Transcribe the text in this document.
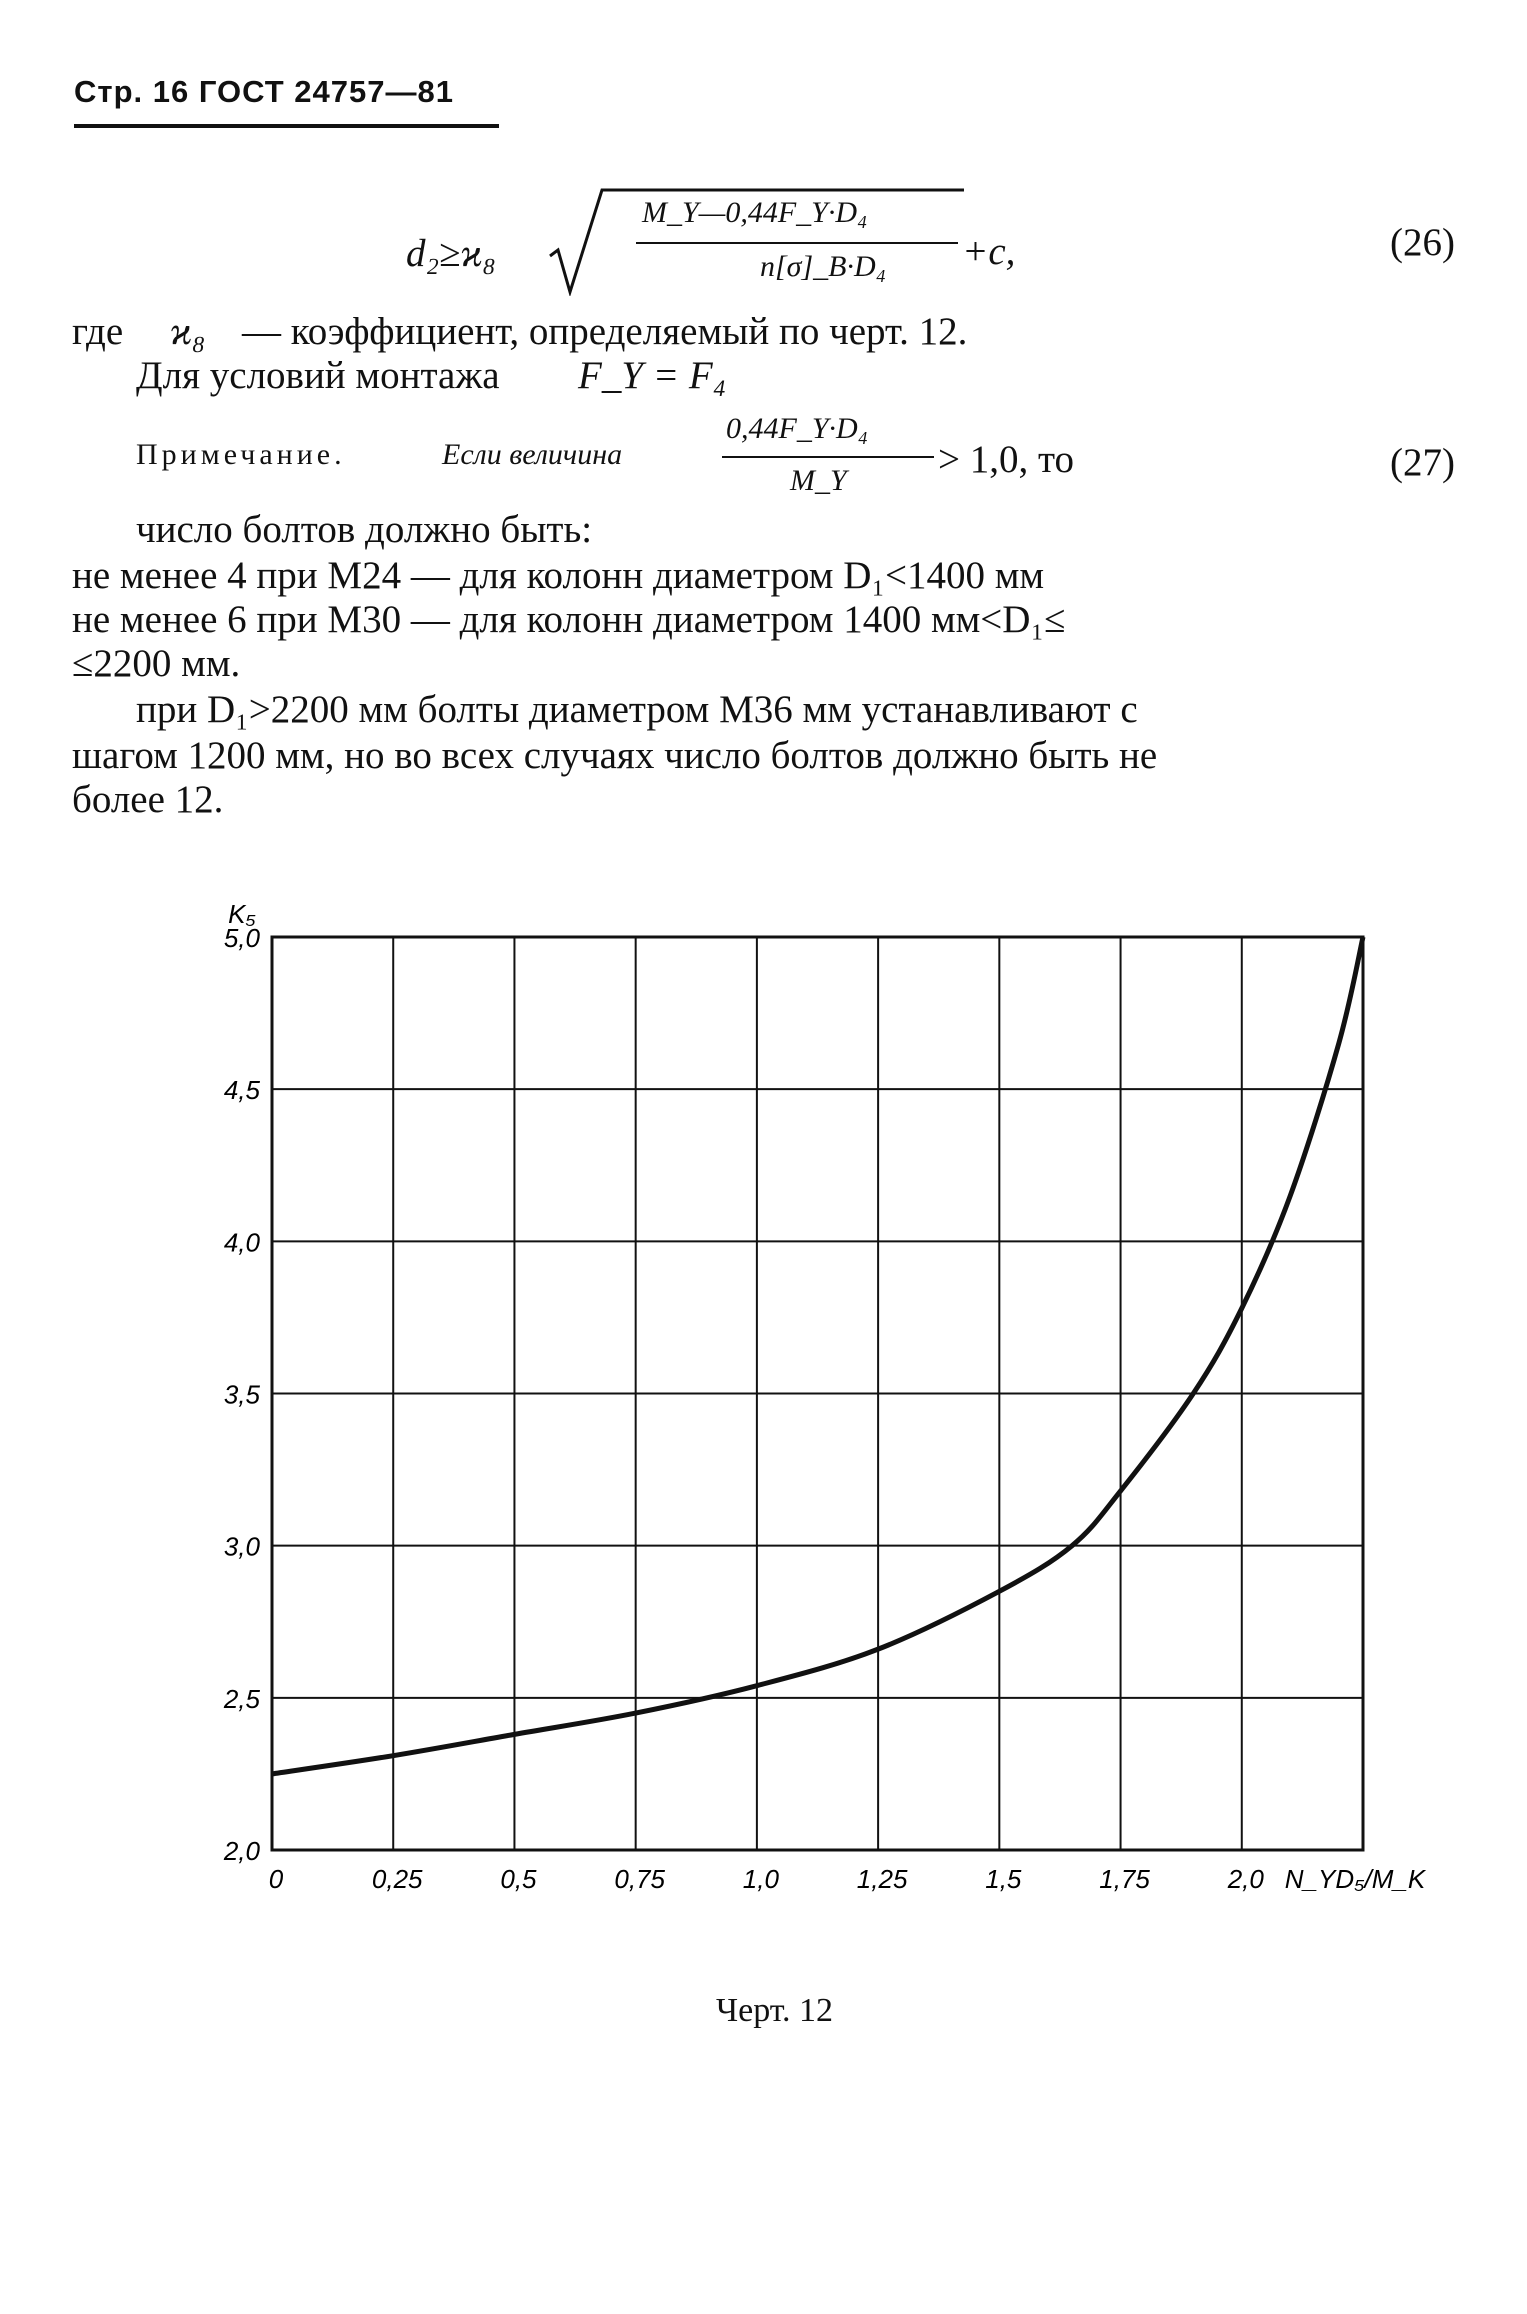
Стр. 16 ГОСТ 24757—81
d₂≥ϰ₈
M_Y—0,44F_Y·D₄
n[σ]_B·D₄ +c,	(26)
где ϰ₈ — коэффициент, определяемый по черт. 12.
Для условий монтажа F_Y = F₄
Примечание.	Если величина
0,44F_Y·D₄
M_Y > 1,0, то	(27)
число болтов должно быть:
не менее 4 при М24 — для колонн диаметром D₁<1400 мм
не менее 6 при М30 — для колонн диаметром 1400 мм<D₁≤
≤2200 мм.
при D₁>2200 мм болты диаметром М36 мм устанавливают с
шагом 1200 мм, но во всех случаях число болтов должно быть не
более 12.
2,0
2,5
3,0
3,5
4,0
4,5
5,0
0	0,25	0,5	0,75	1,0	1,25	1,5	1,75	2,0
K₅
N_YD₅/M_K
Черт. 12
